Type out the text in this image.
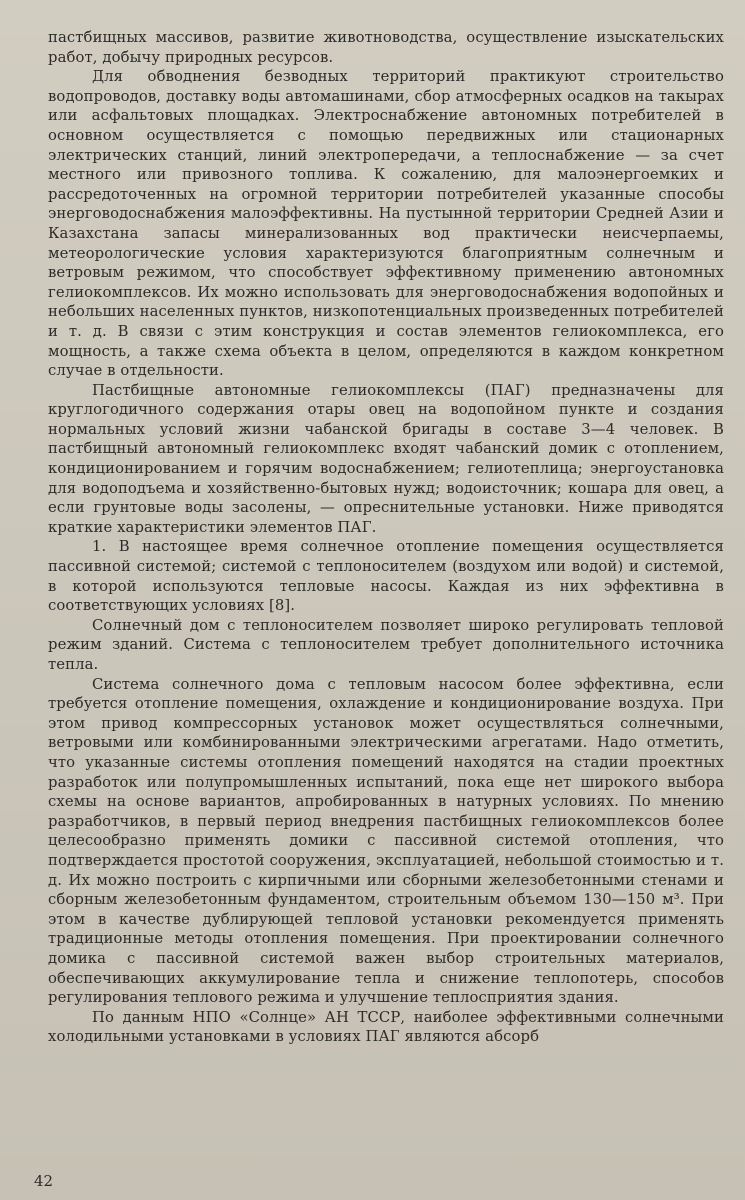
пастбищных массивов, развитие животноводства, осуществление изыскательских работ, добычу природных ресурсов.

Для обводнения безводных территорий практикуют строительство водопроводов, доставку воды автомашинами, сбор атмосферных осадков на такырах или асфальтовых площадках. Электроснабжение автономных потребителей в основном осуществляется с помощью передвижных или стационарных электрических станций, линий электропередачи, а теплоснабжение — за счет местного или привозного топлива. К сожалению, для малоэнергоемких и рассредоточенных на огромной территории потребителей указанные способы энерговодоснабжения малоэффективны. На пустынной территории Средней Азии и Казахстана запасы минерализованных вод практически неисчерпаемы, метеорологические условия характеризуются благоприятным солнечным и ветровым режимом, что способствует эффективному применению автономных гелиокомплексов. Их можно использовать для энерговодоснабжения водопойных и небольших населенных пунктов, низкопотенциальных произведенных потребителей и т. д. В связи с этим конструкция и состав элементов гелиокомплекса, его мощность, а также схема объекта в целом, определяются в каждом конкретном случае в отдельности.

Пастбищные автономные гелиокомплексы (ПАГ) предназначены для круглогодичного содержания отары овец на водопойном пункте и создания нормальных условий жизни чабанской бригады в составе 3—4 человек. В пастбищный автономный гелиокомплекс входят чабанский домик с отоплением, кондиционированием и горячим водоснабжением; гелиотеплица; энергоустановка для водоподъема и хозяйственно-бытовых нужд; водоисточник; кошара для овец, а если грунтовые воды засолены, — опреснительные установки. Ниже приводятся краткие характеристики элементов ПАГ.

1. В настоящее время солнечное отопление помещения осуществляется пассивной системой; системой с теплоносителем (воздухом или водой) и системой, в которой используются тепловые насосы. Каждая из них эффективна в соответствующих условиях [8].

Солнечный дом с теплоносителем позволяет широко регулировать тепловой режим зданий. Система с теплоносителем требует дополнительного источника тепла.

Система солнечного дома с тепловым насосом более эффективна, если требуется отопление помещения, охлаждение и кондиционирование воздуха. При этом привод компрессорных установок может осуществляться солнечными, ветровыми или комбинированными электрическими агрегатами. Надо отметить, что указанные системы отопления помещений находятся на стадии проектных разработок или полупромышленных испытаний, пока еще нет широкого выбора схемы на основе вариантов, апробированных в натурных условиях. По мнению разработчиков, в первый период внедрения пастбищных гелиокомплексов более целесообразно применять домики с пассивной системой отопления, что подтверждается простотой сооружения, эксплуатацией, небольшой стоимостью и т. д. Их можно построить с кирпичными или сборными железобетонными стенами и сборным железобетонным фундаментом, строительным объемом 130—150 м³. При этом в качестве дублирующей тепловой установки рекомендуется применять традиционные методы отопления помещения. При проектировании солнечного домика с пассивной системой важен выбор строительных материалов, обеспечивающих аккумулирование тепла и снижение теплопотерь, способов регулирования теплового режима и улучшение теплосприятия здания.

По данным НПО «Солнце» АН ТССР, наиболее эффективными солнечными холодильными установками в условиях ПАГ являются абсорб

42
